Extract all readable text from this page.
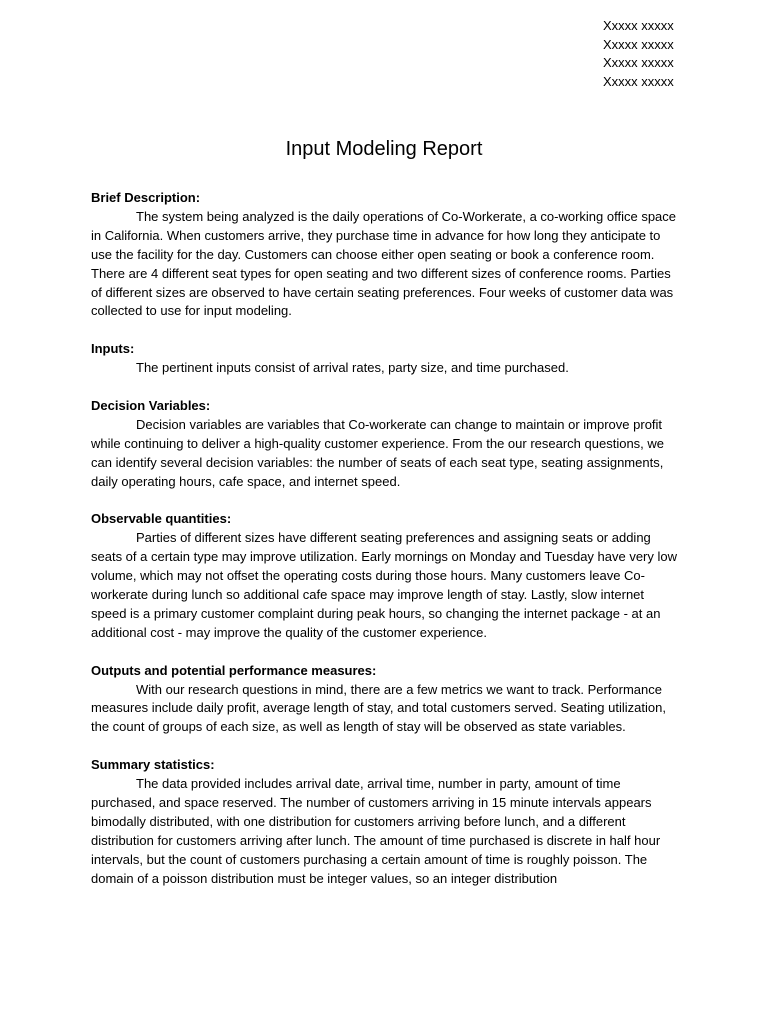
Xxxxx xxxxx
Xxxxx xxxxx
Xxxxx xxxxx
Xxxxx xxxxx
Input Modeling Report

Brief Description:

The system being analyzed is the daily operations of Co-Workerate, a co-working office space in California. When customers arrive, they purchase time in advance for how long they anticipate to use the facility for the day. Customers can choose either open seating or book a conference room. There are 4 different seat types for open seating and two different sizes of conference rooms. Parties of different sizes are observed to have certain seating preferences. Four weeks of customer data was collected to use for input modeling.

Inputs:

The pertinent inputs consist of arrival rates, party size, and time purchased.

Decision Variables:

Decision variables are variables that Co-workerate can change to maintain or improve profit while continuing to deliver a high-quality customer experience. From the our research questions, we can identify several decision variables: the number of seats of each seat type, seating assignments, daily operating hours, cafe space, and internet speed.

Observable quantities:

Parties of different sizes have different seating preferences and assigning seats or adding seats of a certain type may improve utilization. Early mornings on Monday and Tuesday have very low volume, which may not offset the operating costs during those hours. Many customers leave Co-workerate during lunch so additional cafe space may improve length of stay. Lastly, slow internet speed is a primary customer complaint during peak hours, so changing the internet package - at an additional cost - may improve the quality of the customer experience.

Outputs and potential performance measures:

With our research questions in mind, there are a few metrics we want to track. Performance measures include daily profit, average length of stay, and total customers served. Seating utilization, the count of groups of each size, as well as length of stay will be observed as state variables.

Summary statistics:

The data provided includes arrival date, arrival time, number in party, amount of time purchased, and space reserved. The number of customers arriving in 15 minute intervals appears bimodally distributed, with one distribution for customers arriving before lunch, and a different distribution for customers arriving after lunch. The amount of time purchased is discrete in half hour intervals, but the count of customers purchasing a certain amount of time is roughly poisson. The domain of a poisson distribution must be integer values, so an integer distribution
